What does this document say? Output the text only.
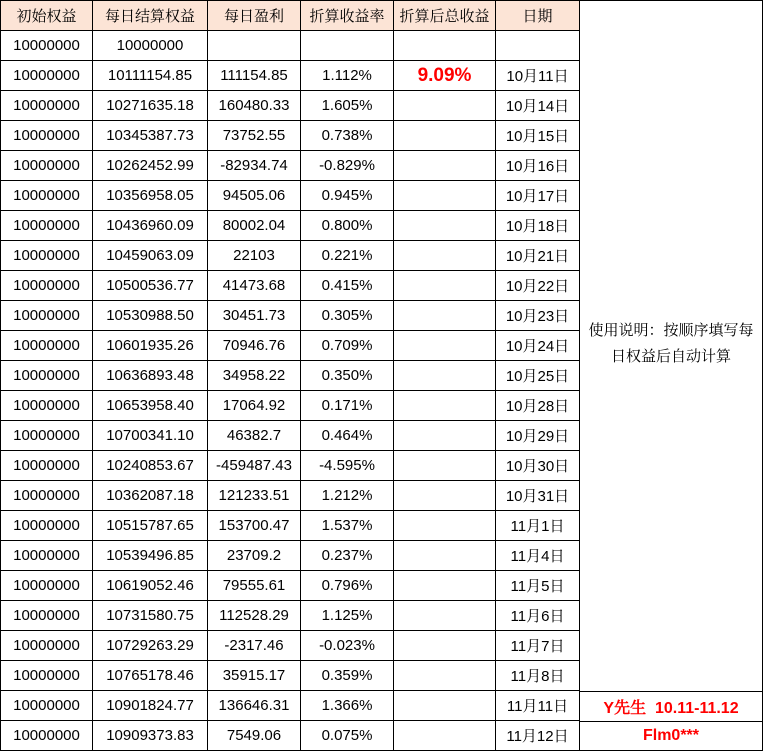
初始权益	每日结算权益	每日盈利	折算收益率	折算后总收益	日期
10000000	10000000				
10000000	10111154.85	111154.85	1.112%	9.09%	10月11日
10000000	10271635.18	160480.33	1.605%		10月14日
10000000	10345387.73	73752.55	0.738%		10月15日
10000000	10262452.99	-82934.74	-0.829%		10月16日
10000000	10356958.05	94505.06	0.945%		10月17日
10000000	10436960.09	80002.04	0.800%		10月18日
10000000	10459063.09	22103	0.221%		10月21日
10000000	10500536.77	41473.68	0.415%		10月22日
10000000	10530988.50	30451.73	0.305%		10月23日
10000000	10601935.26	70946.76	0.709%		10月24日
10000000	10636893.48	34958.22	0.350%		10月25日
10000000	10653958.40	17064.92	0.171%		10月28日
10000000	10700341.10	46382.7	0.464%		10月29日
10000000	10240853.67	-459487.43	-4.595%		10月30日
10000000	10362087.18	121233.51	1.212%		10月31日
10000000	10515787.65	153700.47	1.537%		11月1日
10000000	10539496.85	23709.2	0.237%		11月4日
10000000	10619052.46	79555.61	0.796%		11月5日
10000000	10731580.75	112528.29	1.125%		11月6日
10000000	10729263.29	-2317.46	-0.023%		11月7日
10000000	10765178.46	35915.17	0.359%		11月8日
10000000	10901824.77	136646.31	1.366%		11月11日
10000000	10909373.83	7549.06	0.075%		11月12日
使用说明：按顺序填写每
日权益后自动计算
Y先生  10.11-11.12
Flm0***
